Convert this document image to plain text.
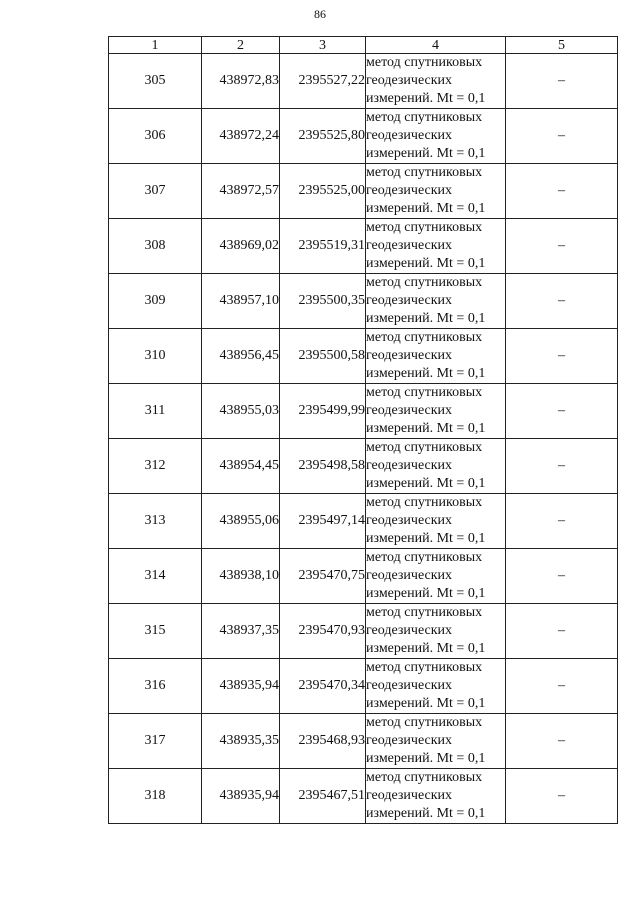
86
1	2	3	4	5
305	438972,83	2395527,22	метод спутниковых
геодезических
измерений. Mt = 0,1	–
306	438972,24	2395525,80	метод спутниковых
геодезических
измерений. Mt = 0,1	–
307	438972,57	2395525,00	метод спутниковых
геодезических
измерений. Mt = 0,1	–
308	438969,02	2395519,31	метод спутниковых
геодезических
измерений. Mt = 0,1	–
309	438957,10	2395500,35	метод спутниковых
геодезических
измерений. Mt = 0,1	–
310	438956,45	2395500,58	метод спутниковых
геодезических
измерений. Mt = 0,1	–
311	438955,03	2395499,99	метод спутниковых
геодезических
измерений. Mt = 0,1	–
312	438954,45	2395498,58	метод спутниковых
геодезических
измерений. Mt = 0,1	–
313	438955,06	2395497,14	метод спутниковых
геодезических
измерений. Mt = 0,1	–
314	438938,10	2395470,75	метод спутниковых
геодезических
измерений. Mt = 0,1	–
315	438937,35	2395470,93	метод спутниковых
геодезических
измерений. Mt = 0,1	–
316	438935,94	2395470,34	метод спутниковых
геодезических
измерений. Mt = 0,1	–
317	438935,35	2395468,93	метод спутниковых
геодезических
измерений. Mt = 0,1	–
318	438935,94	2395467,51	метод спутниковых
геодезических
измерений. Mt = 0,1	–
